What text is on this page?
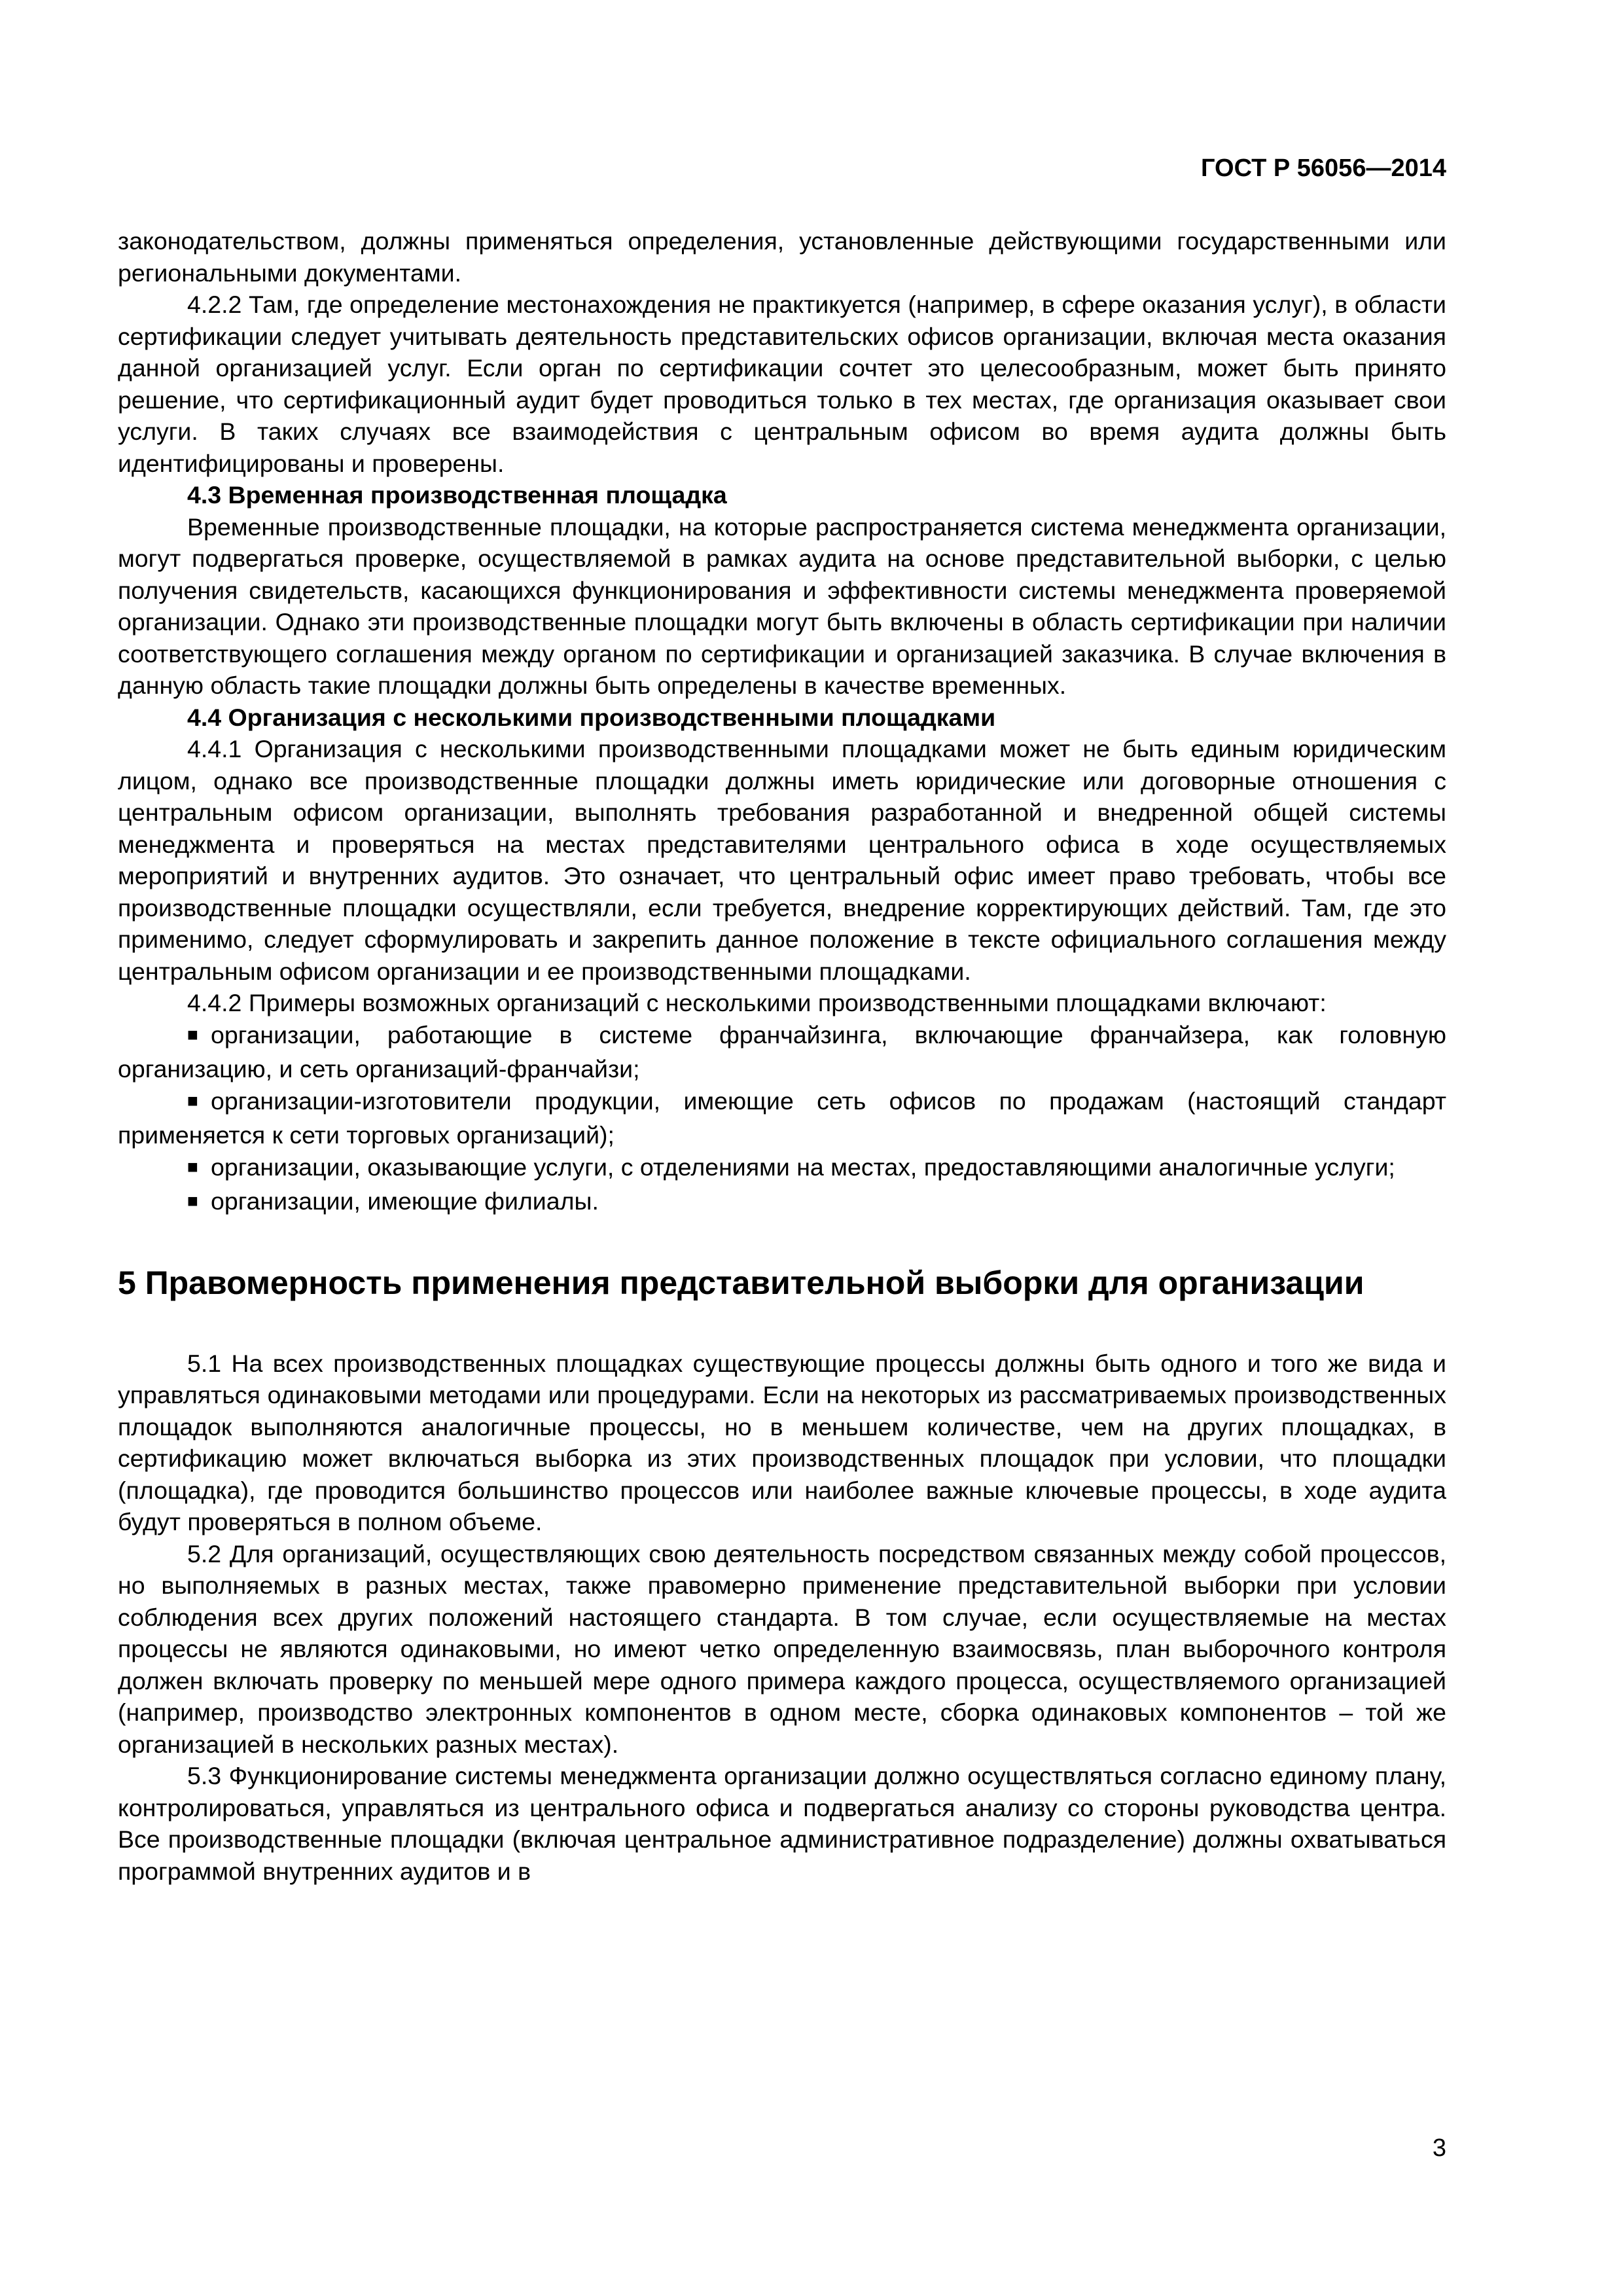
ГОСТ Р 56056—2014

законодательством, должны применяться определения, установленные действующими государственными или региональными документами.

4.2.2 Там, где определение местонахождения не практикуется (например, в сфере оказания услуг), в области сертификации следует учитывать деятельность представительских офисов организации, включая места оказания данной организацией услуг. Если орган по сертификации сочтет это целесообразным, может быть принято решение, что сертификационный аудит будет проводиться только в тех местах, где организация оказывает свои услуги. В таких случаях все взаимодействия с центральным офисом во время аудита должны быть идентифицированы и проверены.

4.3 Временная производственная площадка

Временные производственные площадки, на которые распространяется система менеджмента организации, могут подвергаться проверке, осуществляемой в рамках аудита на основе представительной выборки, с целью получения свидетельств, касающихся функционирования и эффективности системы менеджмента проверяемой организации. Однако эти производственные площадки могут быть включены в область сертификации при наличии соответствующего соглашения между органом по сертификации и организацией заказчика. В случае включения в данную область такие площадки должны быть определены в качестве временных.

4.4 Организация с несколькими производственными площадками

4.4.1 Организация с несколькими производственными площадками может не быть единым юридическим лицом, однако все производственные площадки должны иметь юридические или договорные отношения с центральным офисом организации, выполнять требования разработанной и внедренной общей системы менеджмента и проверяться на местах представителями центрального офиса в ходе осуществляемых мероприятий и внутренних аудитов. Это означает, что центральный офис имеет право требовать, чтобы все производственные площадки осуществляли, если требуется, внедрение корректирующих действий. Там, где это применимо, следует сформулировать и закрепить данное положение в тексте официального соглашения между центральным офисом организации и ее производственными площадками.

4.4.2 Примеры возможных организаций с несколькими производственными площадками включают:

■ организации, работающие в системе франчайзинга, включающие франчайзера, как головную организацию, и сеть организаций-франчайзи;

■ организации-изготовители продукции, имеющие сеть офисов по продажам (настоящий стандарт применяется к сети торговых организаций);

■ организации, оказывающие услуги, с отделениями на местах, предоставляющими аналогичные услуги;

■ организации, имеющие филиалы.

5 Правомерность применения представительной выборки для организации

5.1 На всех производственных площадках существующие процессы должны быть одного и того же вида и управляться одинаковыми методами или процедурами. Если на некоторых из рассматриваемых производственных площадок выполняются аналогичные процессы, но в меньшем количестве, чем на других площадках, в сертификацию может включаться выборка из этих производственных площадок при условии, что площадки (площадка), где проводится большинство процессов или наиболее важные ключевые процессы, в ходе аудита будут проверяться в полном объеме.

5.2 Для организаций, осуществляющих свою деятельность посредством связанных между собой процессов, но выполняемых в разных местах, также правомерно применение представительной выборки при условии соблюдения всех других положений настоящего стандарта. В том случае, если осуществляемые на местах процессы не являются одинаковыми, но имеют четко определенную взаимосвязь, план выборочного контроля должен включать проверку по меньшей мере одного примера каждого процесса, осуществляемого организацией (например, производство электронных компонентов в одном месте, сборка одинаковых компонентов – той же организацией в нескольких разных местах).

5.3 Функционирование системы менеджмента организации должно осуществляться согласно единому плану, контролироваться, управляться из центрального офиса и подвергаться анализу со стороны руководства центра. Все производственные площадки (включая центральное административное подразделение) должны охватываться программой внутренних аудитов и в

3
